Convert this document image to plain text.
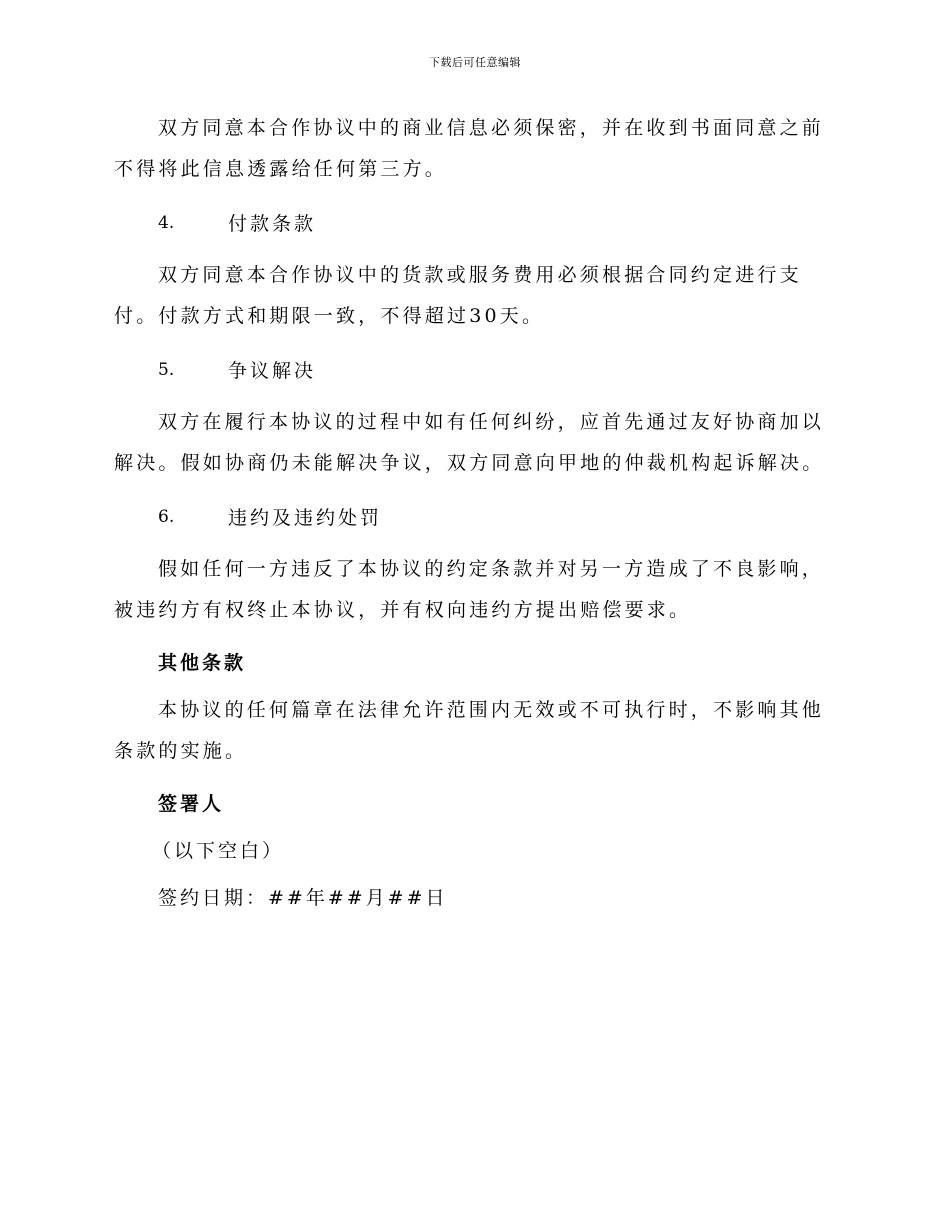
下载后可任意编辑

双方同意本合作协议中的商业信息必须保密，并在收到书面同意之前不得将此信息透露给任何第三方。

4.	付款条款

双方同意本合作协议中的货款或服务费用必须根据合同约定进行支付。付款方式和期限一致，不得超过30天。

5.	争议解决

双方在履行本协议的过程中如有任何纠纷，应首先通过友好协商加以解决。假如协商仍未能解决争议，双方同意向甲地的仲裁机构起诉解决。

6.	违约及违约处罚

假如任何一方违反了本协议的约定条款并对另一方造成了不良影响，被违约方有权终止本协议，并有权向违约方提出赔偿要求。

其他条款

本协议的任何篇章在法律允许范围内无效或不可执行时，不影响其他条款的实施。

签署人
（以下空白）
签约日期：##年##月##日
